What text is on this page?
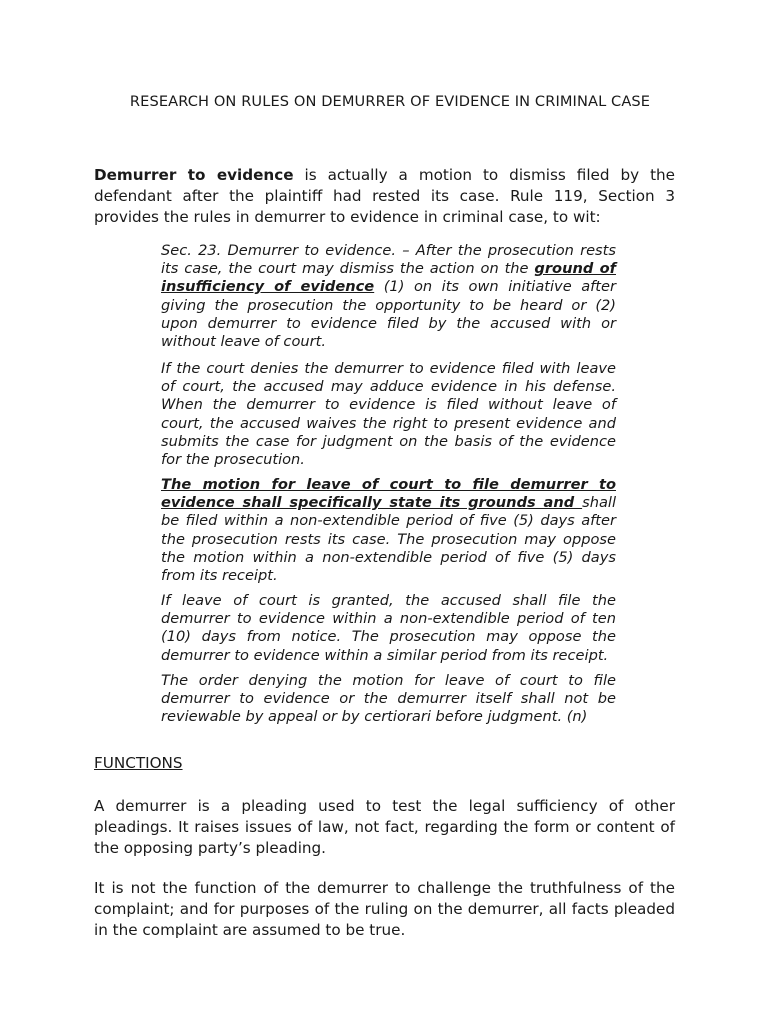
RESEARCH ON RULES ON DEMURRER OF EVIDENCE IN CRIMINAL CASE
Demurrer to evidence is actually a motion to dismiss filed by the defendant after the plaintiff had rested its case. Rule 119, Section 3 provides the rules in demurrer to evidence in criminal case, to wit:
Sec. 23. Demurrer to evidence. – After the prosecution rests its case, the court may dismiss the action on the ground of insufficiency of evidence (1) on its own initiative after giving the prosecution the opportunity to be heard or (2) upon demurrer to evidence filed by the accused with or without leave of court.
If the court denies the demurrer to evidence filed with leave of court, the accused may adduce evidence in his defense. When the demurrer to evidence is filed without leave of court, the accused waives the right to present evidence and submits the case for judgment on the basis of the evidence for the prosecution.
The motion for leave of court to file demurrer to evidence shall specifically state its grounds and shall be filed within a non-extendible period of five (5) days after the prosecution rests its case. The prosecution may oppose the motion within a non-extendible period of five (5) days from its receipt.
If leave of court is granted, the accused shall file the demurrer to evidence within a non-extendible period of ten (10) days from notice. The prosecution may oppose the demurrer to evidence within a similar period from its receipt.
The order denying the motion for leave of court to file demurrer to evidence or the demurrer itself shall not be reviewable by appeal or by certiorari before judgment. (n)
FUNCTIONS
A demurrer is a pleading used to test the legal sufficiency of other pleadings. It raises issues of law, not fact, regarding the form or content of the opposing party’s pleading.
It is not the function of the demurrer to challenge the truthfulness of the complaint; and for purposes of the ruling on the demurrer, all facts pleaded in the complaint are assumed to be true.
